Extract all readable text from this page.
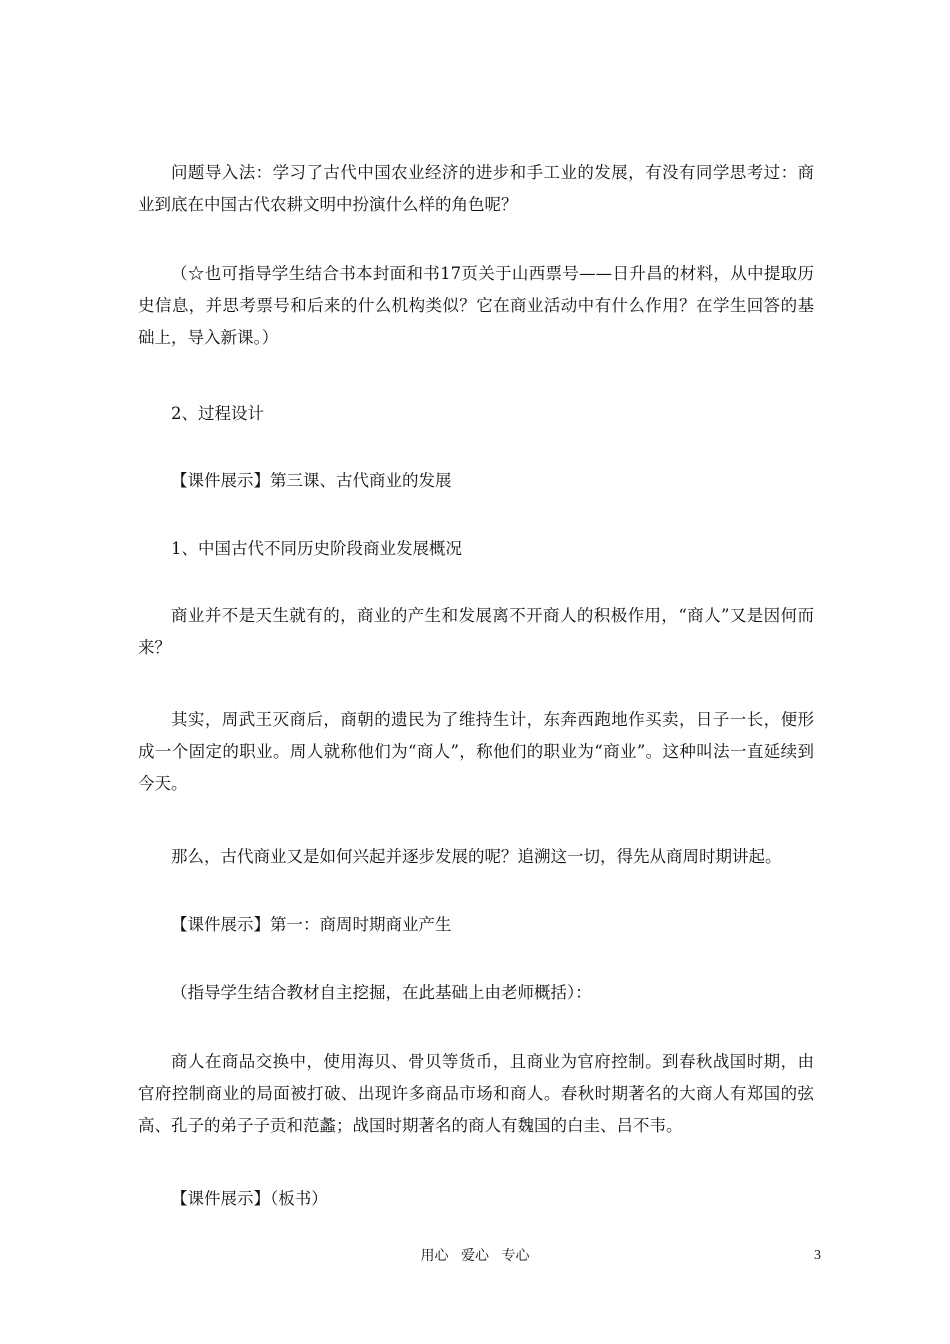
问题导入法：学习了古代中国农业经济的进步和手工业的发展，有没有同学思考过：商业到底在中国古代农耕文明中扮演什么样的角色呢？

（☆也可指导学生结合书本封面和书17页关于山西票号——日升昌的材料，从中提取历史信息，并思考票号和后来的什么机构类似？它在商业活动中有什么作用？在学生回答的基础上，导入新课。）

2、过程设计

【课件展示】第三课、古代商业的发展

1、中国古代不同历史阶段商业发展概况

商业并不是天生就有的，商业的产生和发展离不开商人的积极作用，“商人”又是因何而来？

其实，周武王灭商后，商朝的遗民为了维持生计，东奔西跑地作买卖，日子一长，便形成一个固定的职业。周人就称他们为“商人”，称他们的职业为“商业”。这种叫法一直延续到今天。

那么，古代商业又是如何兴起并逐步发展的呢？追溯这一切，得先从商周时期讲起。

【课件展示】第一：商周时期商业产生

（指导学生结合教材自主挖掘，在此基础上由老师概括）：

商人在商品交换中，使用海贝、骨贝等货币，且商业为官府控制。到春秋战国时期，由官府控制商业的局面被打破、出现许多商品市场和商人。春秋时期著名的大商人有郑国的弦高、孔子的弟子子贡和范蠡；战国时期著名的商人有魏国的白圭、吕不韦。

【课件展示】（板书）

用心 爱心 专心	3
